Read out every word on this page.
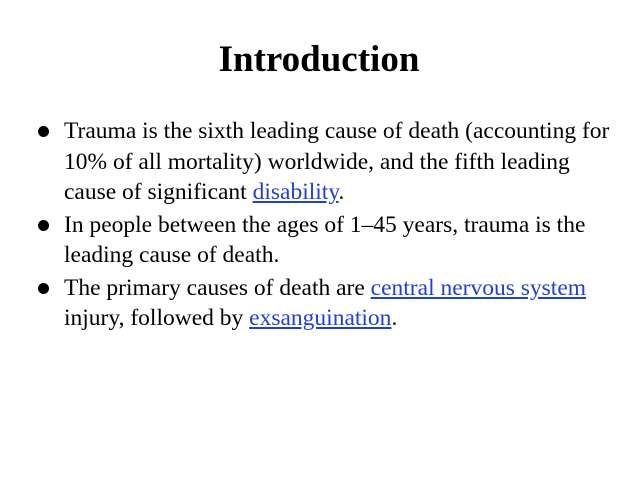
Introduction
Trauma is the sixth leading cause of death (accounting for 10% of all mortality) worldwide, and the fifth leading cause of significant disability.
In people between the ages of 1–45 years, trauma is the leading cause of death.
The primary causes of death are central nervous system injury, followed by exsanguination.
